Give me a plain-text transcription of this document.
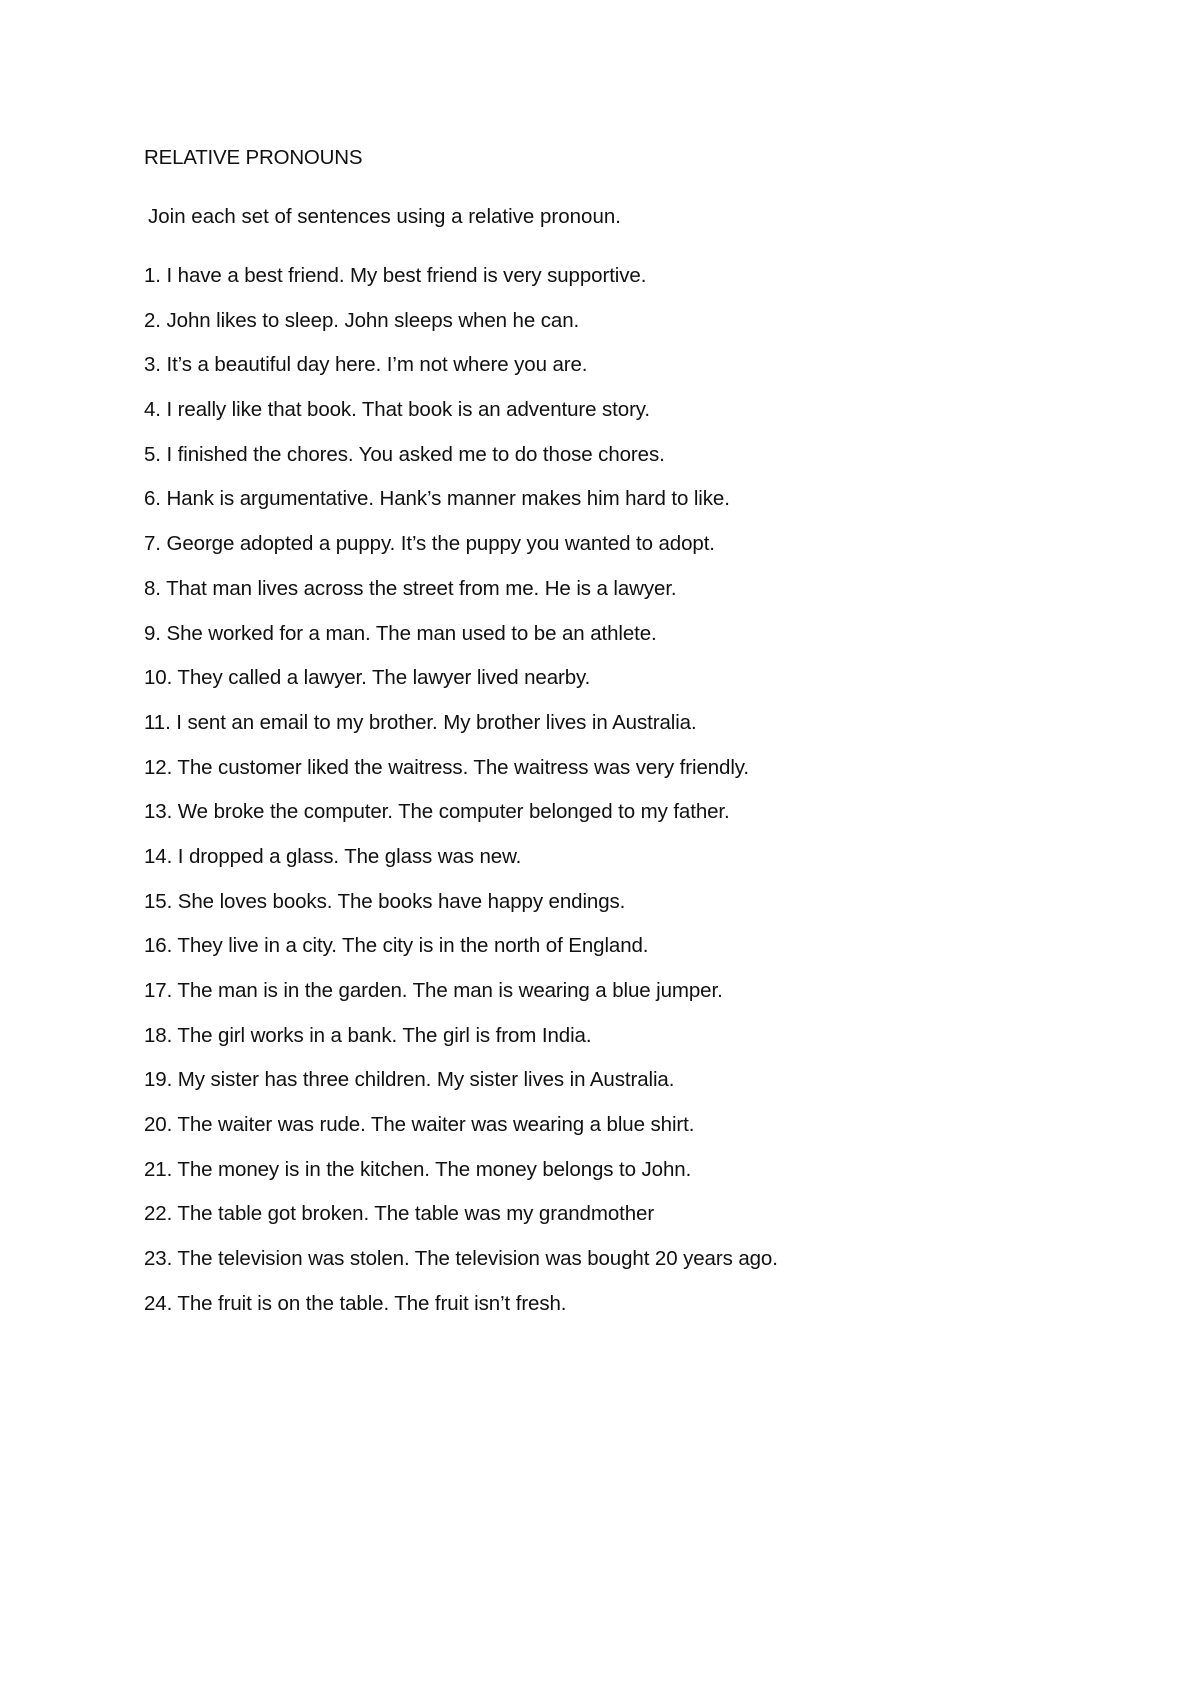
RELATIVE PRONOUNS
Join each set of sentences using a relative pronoun.
1. I have a best friend. My best friend is very supportive.
2. John likes to sleep. John sleeps when he can.
3. It’s a beautiful day here. I’m not where you are.
4. I really like that book. That book is an adventure story.
5. I finished the chores. You asked me to do those chores.
6. Hank is argumentative. Hank’s manner makes him hard to like.
7. George adopted a puppy. It’s the puppy you wanted to adopt.
8. That man lives across the street from me. He is a lawyer.
9. She worked for a man. The man used to be an athlete.
10. They called a lawyer. The lawyer lived nearby.
11. I sent an email to my brother. My brother lives in Australia.
12. The customer liked the waitress. The waitress was very friendly.
13. We broke the computer. The computer belonged to my father.
14. I dropped a glass. The glass was new.
15. She loves books. The books have happy endings.
16. They live in a city. The city is in the north of England.
17. The man is in the garden. The man is wearing a blue jumper.
18. The girl works in a bank. The girl is from India.
19. My sister has three children. My sister lives in Australia.
20. The waiter was rude. The waiter was wearing a blue shirt.
21. The money is in the kitchen. The money belongs to John.
22. The table got broken. The table was my grandmother
23. The television was stolen. The television was bought 20 years ago.
24. The fruit is on the table. The fruit isn’t fresh.
